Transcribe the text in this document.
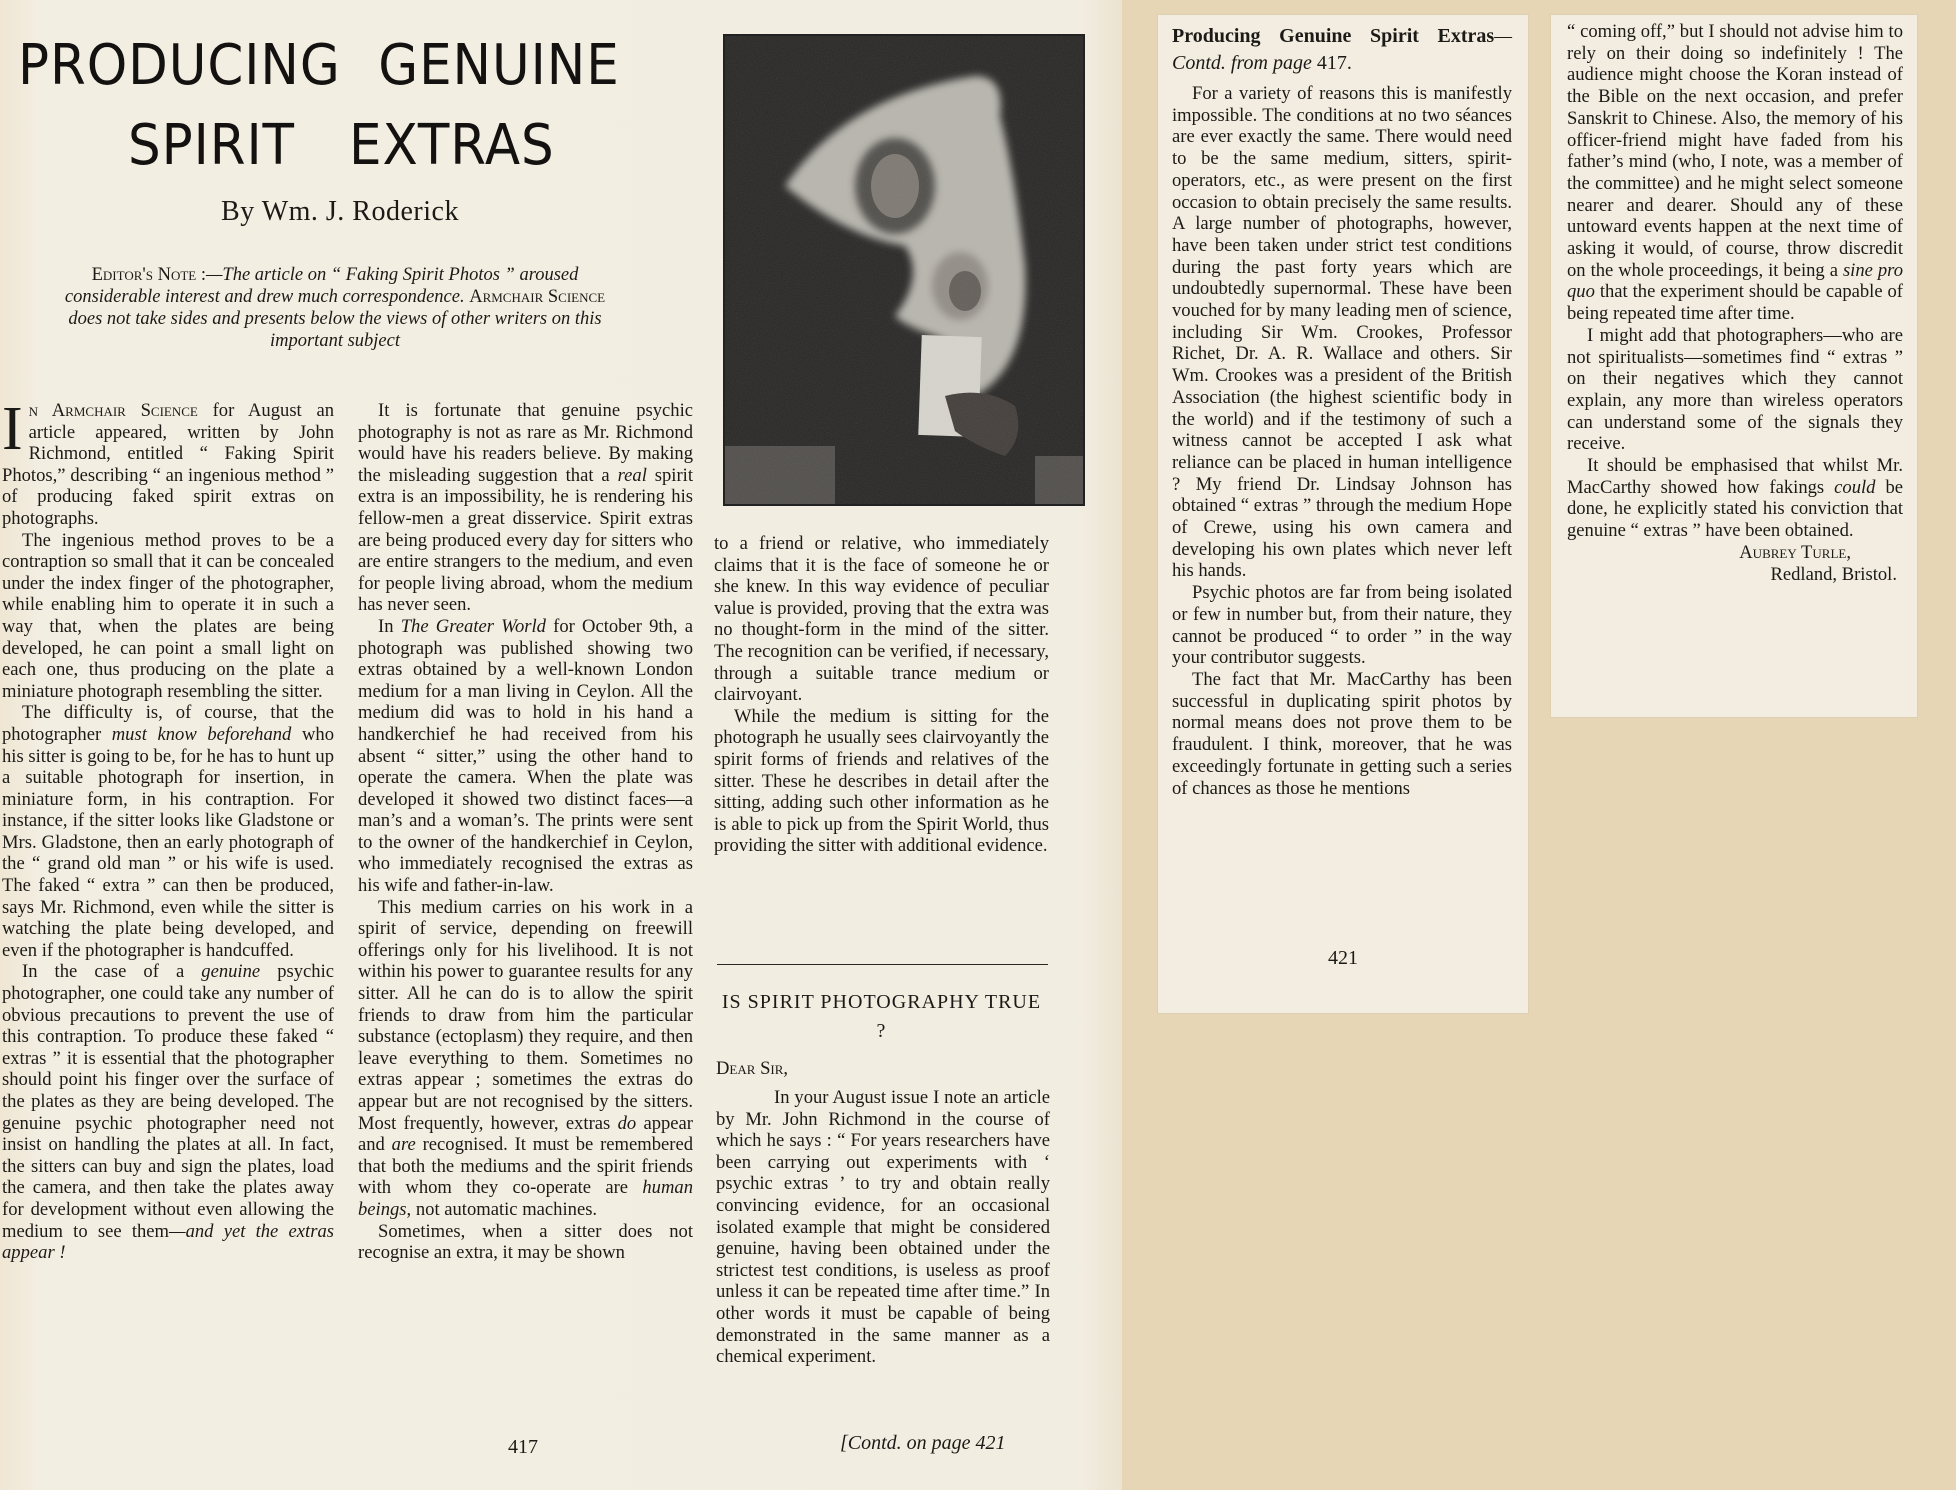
PRODUCING GENUINE
SPIRIT EXTRAS
By Wm. J. Roderick
Editor's Note :—The article on “ Faking Spirit Photos ” aroused considerable interest and drew much correspondence. Armchair Science does not take sides and presents below the views of other writers on this important subject

In Armchair Science for August an article appeared, written by John Richmond, entitled “ Faking Spirit Photos,” describing “ an ingenious method ” of producing faked spirit extras on photographs.

The ingenious method proves to be a contraption so small that it can be concealed under the index finger of the photographer, while enabling him to operate it in such a way that, when the plates are being developed, he can point a small light on each one, thus producing on the plate a miniature photograph resembling the sitter.

The difficulty is, of course, that the photographer must know beforehand who his sitter is going to be, for he has to hunt up a suitable photograph for insertion, in miniature form, in his contraption. For instance, if the sitter looks like Gladstone or Mrs. Gladstone, then an early photograph of the “ grand old man ” or his wife is used. The faked “ extra ” can then be produced, says Mr. Richmond, even while the sitter is watching the plate being developed, and even if the photographer is handcuffed.

In the case of a genuine psychic photographer, one could take any number of obvious precautions to prevent the use of this contraption. To produce these faked “ extras ” it is essential that the photographer should point his finger over the surface of the plates as they are being developed. The genuine psychic photographer need not insist on handling the plates at all. In fact, the sitters can buy and sign the plates, load the camera, and then take the plates away for development without even allowing the medium to see them—and yet the extras appear !

It is fortunate that genuine psychic photography is not as rare as Mr. Richmond would have his readers believe. By making the misleading suggestion that a real spirit extra is an impossibility, he is rendering his fellow-men a great disservice. Spirit extras are being produced every day for sitters who are entire strangers to the medium, and even for people living abroad, whom the medium has never seen.

In The Greater World for October 9th, a photograph was published showing two extras obtained by a well-known London medium for a man living in Ceylon. All the medium did was to hold in his hand a handkerchief he had received from his absent “ sitter,” using the other hand to operate the camera. When the plate was developed it showed two distinct faces—a man’s and a woman’s. The prints were sent to the owner of the handkerchief in Ceylon, who immediately recognised the extras as his wife and father-in-law.

This medium carries on his work in a spirit of service, depending on freewill offerings only for his livelihood. It is not within his power to guarantee results for any sitter. All he can do is to allow the spirit friends to draw from him the particular substance (ectoplasm) they require, and then leave everything to them. Sometimes no extras appear ; sometimes the extras do appear but are not recognised by the sitters. Most frequently, however, extras do appear and are recognised. It must be remembered that both the mediums and the spirit friends with whom they co-operate are human beings, not automatic machines.

Sometimes, when a sitter does not recognise an extra, it may be shown

417

to a friend or relative, who immediately claims that it is the face of someone he or she knew. In this way evidence of peculiar value is provided, proving that the extra was no thought-form in the mind of the sitter. The recognition can be verified, if necessary, through a suitable trance medium or clairvoyant.

While the medium is sitting for the photograph he usually sees clairvoyantly the spirit forms of friends and relatives of the sitter. These he describes in detail after the sitting, adding such other information as he is able to pick up from the Spirit World, thus providing the sitter with additional evidence.

IS SPIRIT PHOTOGRAPHY TRUE ?
Dear Sir,

In your August issue I note an article by Mr. John Richmond in the course of which he says : “ For years researchers have been carrying out experiments with ‘ psychic extras ’ to try and obtain really convincing evidence, for an occasional isolated example that might be considered genuine, having been obtained under the strictest test conditions, is useless as proof unless it can be repeated time after time.” In other words it must be capable of being demonstrated in the same manner as a chemical experiment.

[Contd. on page 421
Producing Genuine Spirit Extras—Contd. from page 417.

For a variety of reasons this is manifestly impossible. The conditions at no two séances are ever exactly the same. There would need to be the same medium, sitters, spirit-operators, etc., as were present on the first occasion to obtain precisely the same results. A large number of photographs, however, have been taken under strict test conditions during the past forty years which are undoubtedly supernormal. These have been vouched for by many leading men of science, including Sir Wm. Crookes, Professor Richet, Dr. A. R. Wallace and others. Sir Wm. Crookes was a president of the British Association (the highest scientific body in the world) and if the testimony of such a witness cannot be accepted I ask what reliance can be placed in human intelligence ? My friend Dr. Lindsay Johnson has obtained “ extras ” through the medium Hope of Crewe, using his own camera and developing his own plates which never left his hands.

Psychic photos are far from being isolated or few in number but, from their nature, they cannot be produced “ to order ” in the way your contributor suggests.

The fact that Mr. MacCarthy has been successful in duplicating spirit photos by normal means does not prove them to be fraudulent. I think, moreover, that he was exceedingly fortunate in getting such a series of chances as those he mentions

421

“ coming off,” but I should not advise him to rely on their doing so indefinitely ! The audience might choose the Koran instead of the Bible on the next occasion, and prefer Sanskrit to Chinese. Also, the memory of his officer-friend might have faded from his father’s mind (who, I note, was a member of the committee) and he might select someone nearer and dearer. Should any of these untoward events happen at the next time of asking it would, of course, throw discredit on the whole proceedings, it being a sine pro quo that the experiment should be capable of being repeated time after time.

I might add that photographers—who are not spiritualists—sometimes find “ extras ” on their negatives which they cannot explain, any more than wireless operators can understand some of the signals they receive.

It should be emphasised that whilst Mr. MacCarthy showed how fakings could be done, he explicitly stated his conviction that genuine “ extras ” have been obtained.

Aubrey Turle,
Redland, Bristol.
